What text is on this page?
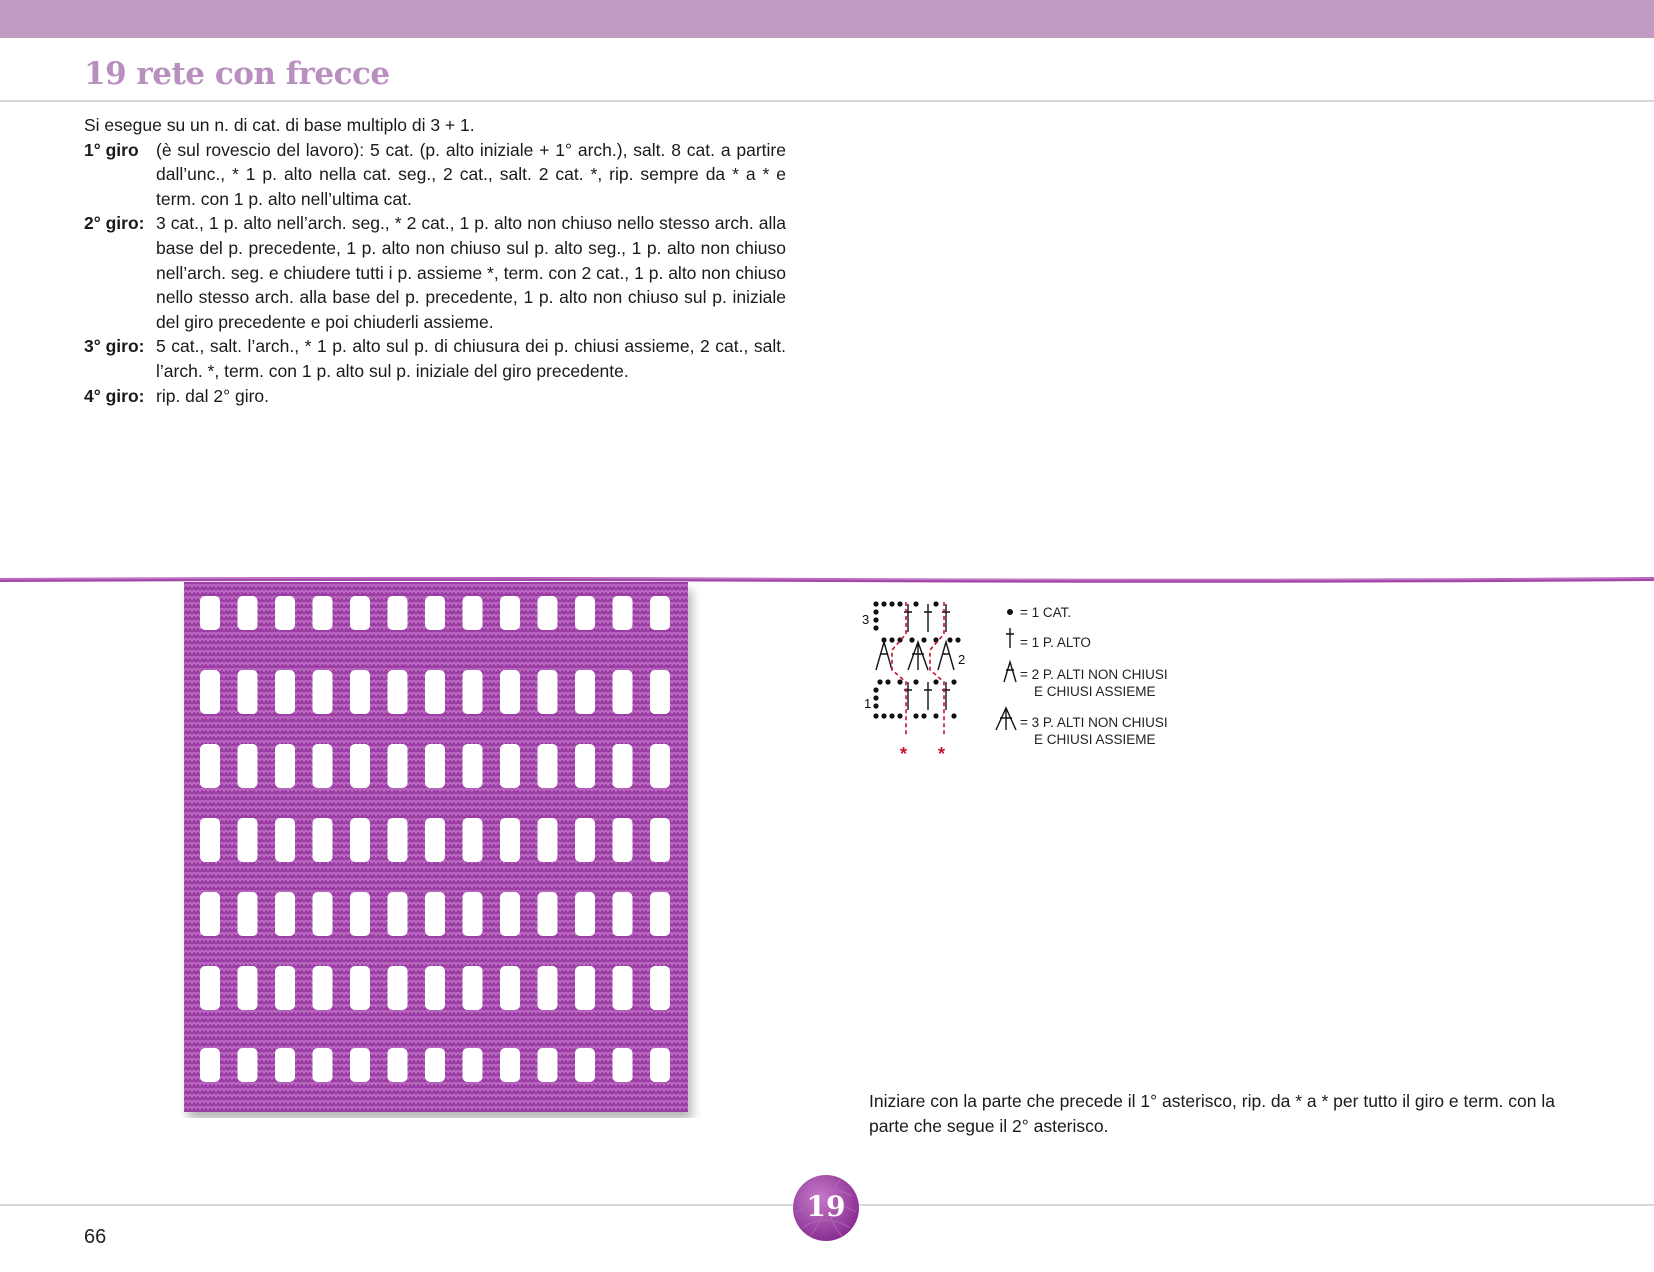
19 rete con frecce

Si esegue su un n. di cat. di base multiplo di 3 + 1.

1° giro (è sul rovescio del lavoro): 5 cat. (p. alto iniziale + 1° arch.), salt. 8 cat. a partire dall’unc., * 1 p. alto nella cat. seg., 2 cat., salt. 2 cat. *, rip. sempre da * a * e term. con 1 p. alto nell’ultima cat.
2° giro: 3 cat., 1 p. alto nell’arch. seg., * 2 cat., 1 p. alto non chiuso nello stesso arch. alla base del p. precedente, 1 p. alto non chiuso sul p. alto seg., 1 p. alto non chiuso nell’arch. seg. e chiudere tutti i p. assieme *, term. con 2 cat., 1 p. alto non chiuso nello stesso arch. alla base del p. precedente, 1 p. alto non chiuso sul p. iniziale del giro precedente e poi chiuderli assieme.
3° giro: 5 cat., salt. l’arch., * 1 p. alto sul p. di chiusura dei p. chiusi assieme, 2 cat., salt. l’arch. *, term. con 1 p. alto sul p. iniziale del giro precedente.
4° giro: rip. dal 2° giro.
3
2
1
* *
= 1 CAT.
= 1 P. ALTO
= 2 P. ALTI NON CHIUSI
E CHIUSI ASSIEME
= 3 P. ALTI NON CHIUSI
E CHIUSI ASSIEME

Iniziare con la parte che precede il 1° asterisco, rip. da * a * per tutto il giro e term. con la parte che segue il 2° asterisco.

66
19
